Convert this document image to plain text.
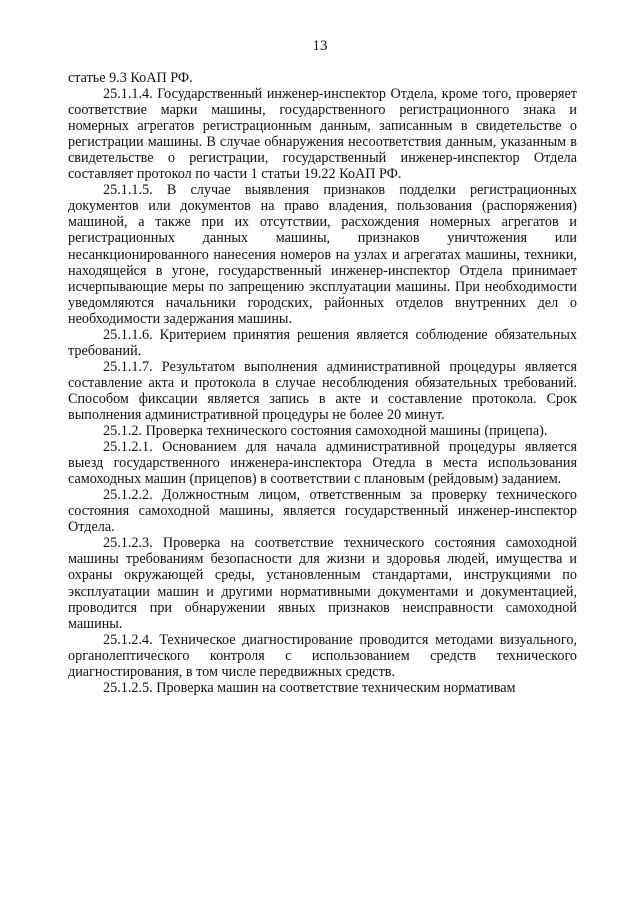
13

статье 9.3 КоАП РФ.

25.1.1.4. Государственный инженер-инспектор Отдела, кроме того, проверяет соответствие марки машины, государственного регистрационного знака и номерных агрегатов регистрационным данным, записанным в свидетельстве о регистрации машины. В случае обнаружения несоответствия данным, указанным в свидетельстве о регистрации, государственный инженер-инспектор Отдела составляет протокол по части 1 статьи 19.22 КоАП РФ.

25.1.1.5. В случае выявления признаков подделки регистрационных документов или документов на право владения, пользования (распоряжения) машиной, а также при их отсутствии, расхождения номерных агрегатов и регистрационных данных машины, признаков уничтожения или несанкционированного нанесения номеров на узлах и агрегатах машины, техники, находящейся в угоне, государственный инженер-инспектор Отдела принимает исчерпывающие меры по запрещению эксплуатации машины. При необходимости уведомляются начальники городских, районных отделов внутренних дел о необходимости задержания машины.

25.1.1.6. Критерием принятия решения является соблюдение обязательных требований.

25.1.1.7. Результатом выполнения административной процедуры является составление акта и протокола в случае несоблюдения обязательных требований. Способом фиксации является запись в акте и составление протокола. Срок выполнения административной процедуры не более 20 минут.

25.1.2. Проверка технического состояния самоходной машины (прицепа).

25.1.2.1. Основанием для начала административной процедуры является выезд государственного инженера-инспектора Отедла в места использования самоходных машин (прицепов) в соответствии с плановым (рейдовым) заданием.

25.1.2.2. Должностным лицом, ответственным за проверку технического состояния самоходной машины, является государственный инженер-инспектор Отдела.

25.1.2.3. Проверка на соответствие технического состояния самоходной машины требованиям безопасности для жизни и здоровья людей, имущества и охраны окружающей среды, установленным стандартами, инструкциями по эксплуатации машин и другими нормативными документами и документацией, проводится при обнаружении явных признаков неисправности самоходной машины.

25.1.2.4. Техническое диагностирование проводится методами визуального, органолептического контроля с использованием средств технического диагностирования, в том числе передвижных средств.

25.1.2.5. Проверка машин на соответствие техническим нормативам
